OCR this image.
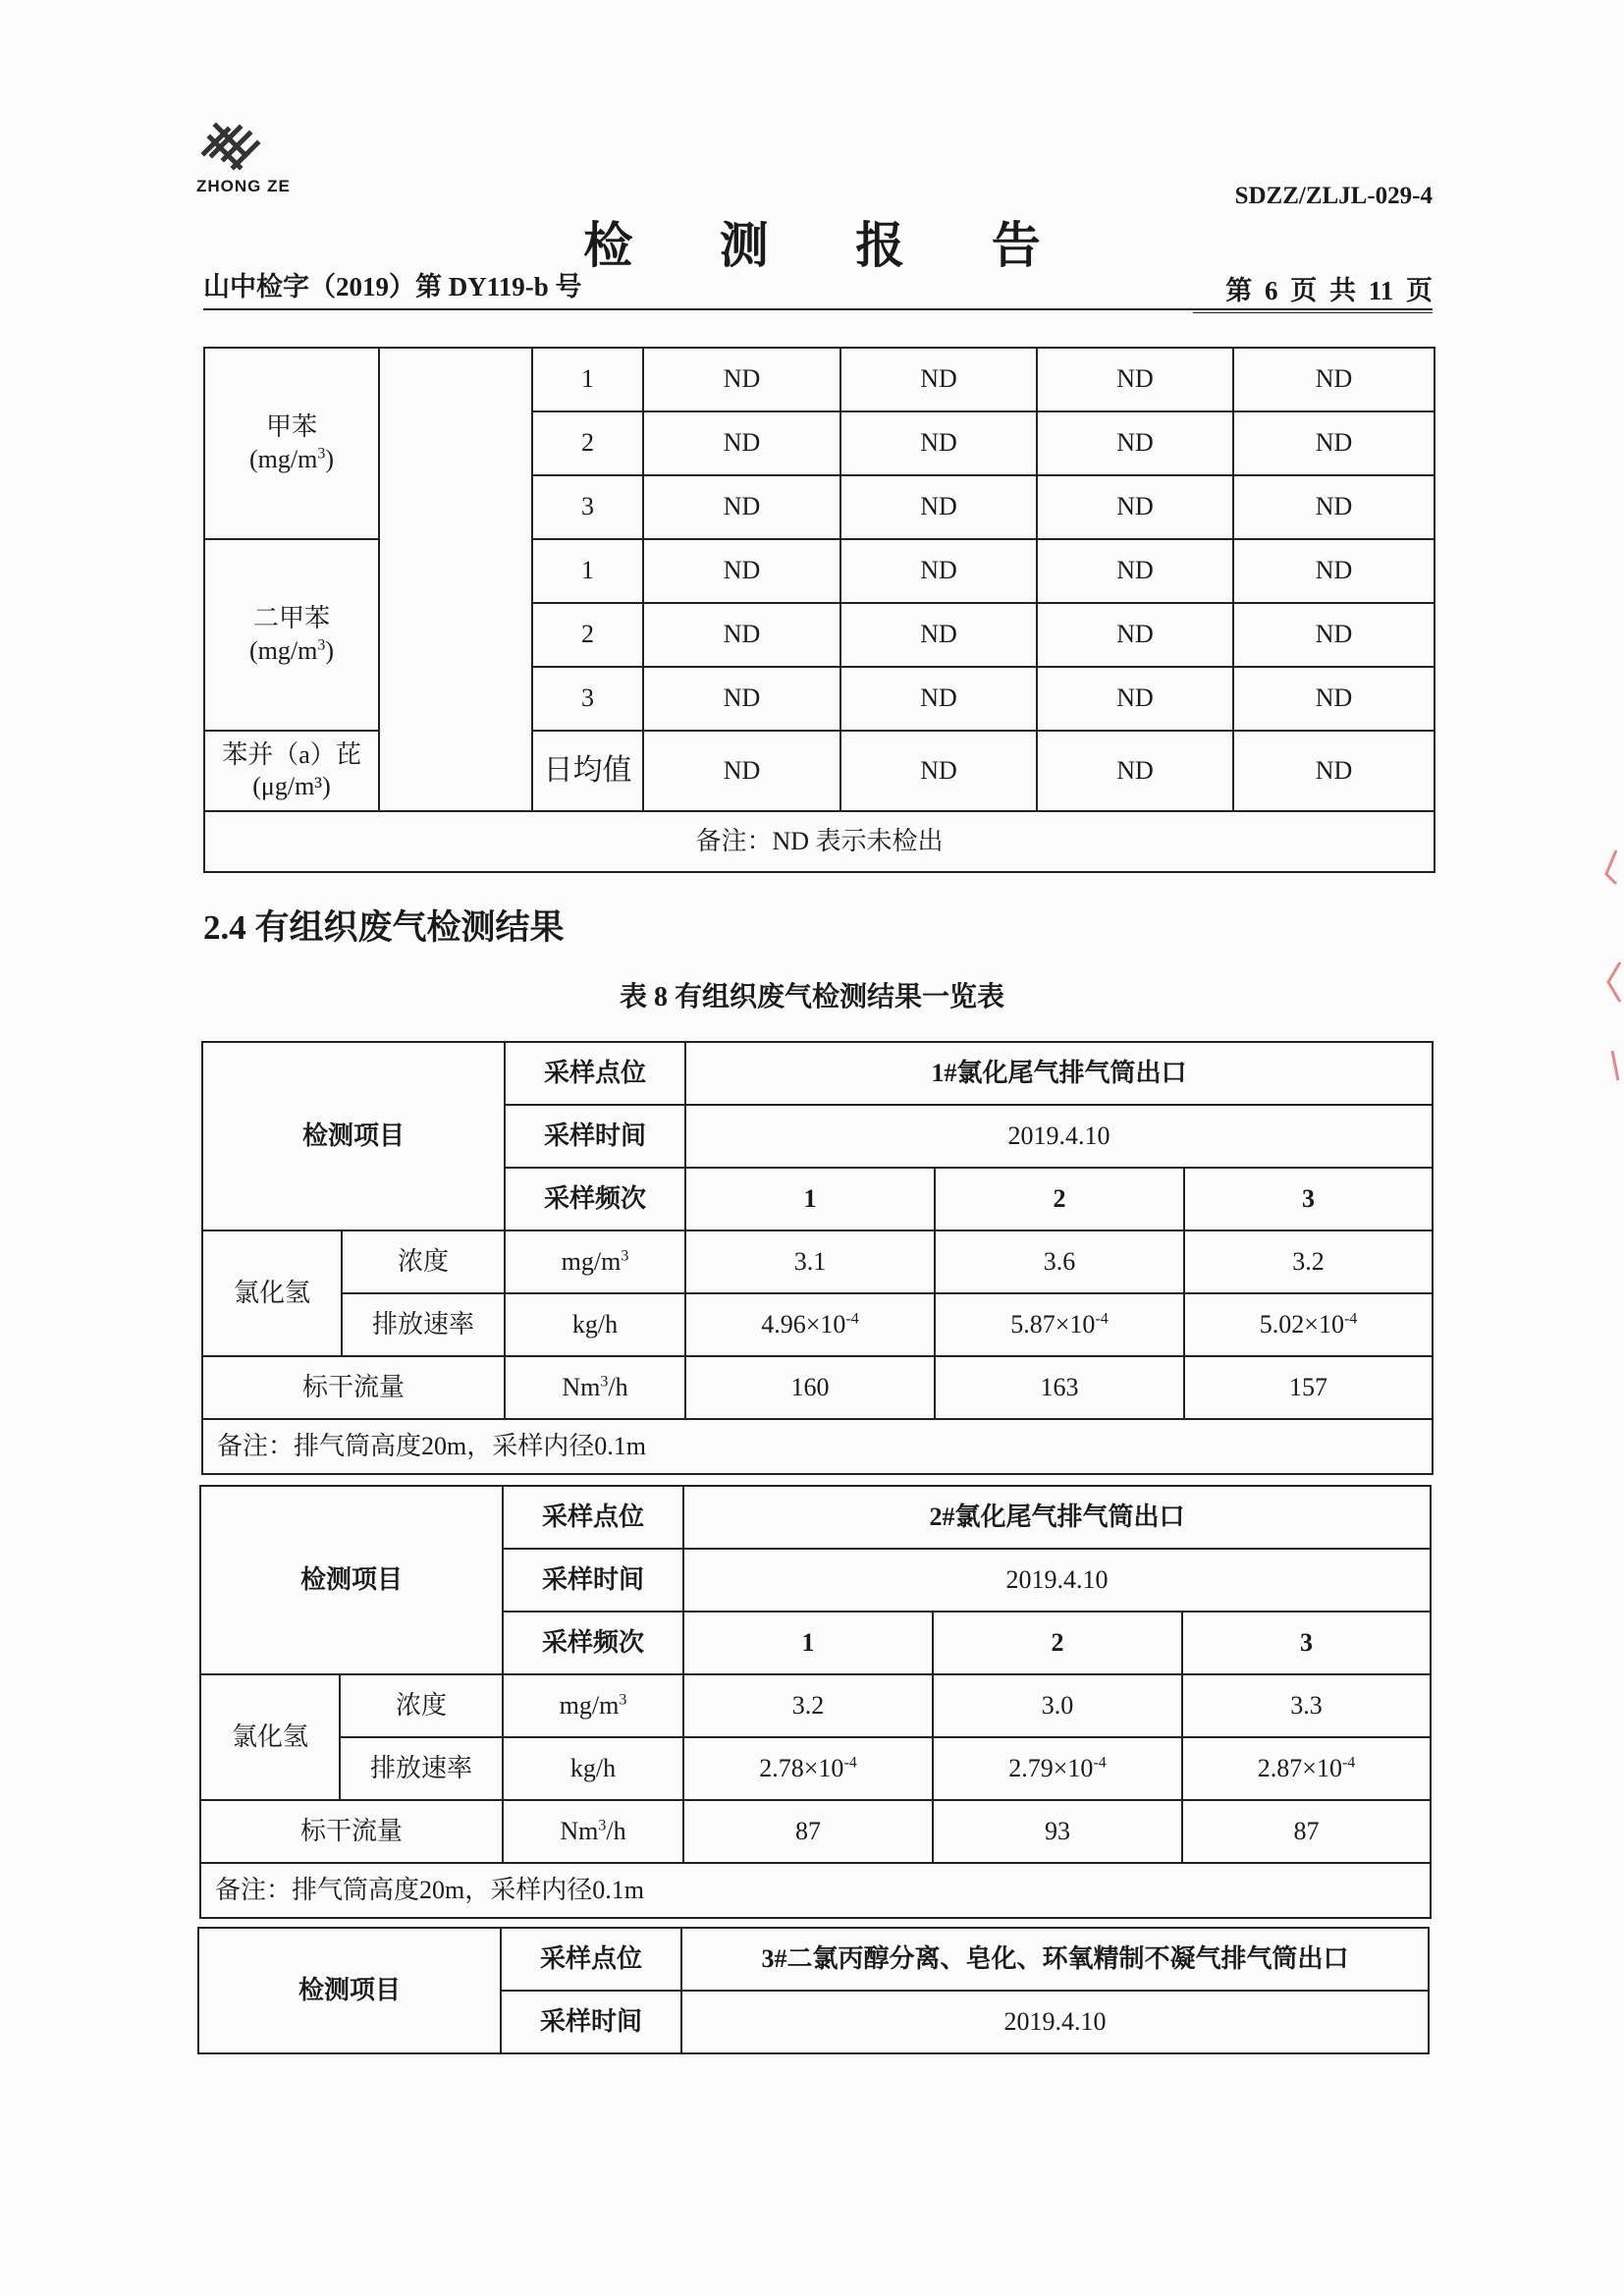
ZHONG ZE	SDZZ/ZLJL-029-4
检 测 报 告
山中检字（2019）第 DY119-b 号	第 6 页 共 11 页
甲苯
$(mg/m^3)$		1	ND	ND	ND	ND
		2	ND	ND	ND	ND
		3	ND	ND	ND	ND
二甲苯
$(mg/m^3)$		1	ND	ND	ND	ND
		2	ND	ND	ND	ND
		3	ND	ND	ND	ND
苯并（a）芘
(μg/m³)		日均值	ND	ND	ND	ND
备注：ND 表示未检出						
2.4 有组织废气检测结果
表 8 有组织废气检测结果一览表
检测项目		采样点位	1#氯化尾气排气筒出口		
		采样时间	2019.4.10		
		采样频次	1	2	3
氯化氢	浓度	$mg/m^3$	3.1	3.6	3.2
	排放速率	kg/h	$4.96\times 10^{-4}$	$5.87\times 10^{-4}$	$5.02\times 10^{-4}$
标干流量		Nm$^3$/h	160	163	157
备注：排气筒高度20m，采样内径0.1m					
检测项目		采样点位	2#氯化尾气排气筒出口		
		采样时间	2019.4.10		
		采样频次	1	2	3
氯化氢	浓度	$mg/m^3$	3.2	3.0	3.3
	排放速率	kg/h	$2.78\times 10^{-4}$	$2.79\times 10^{-4}$	$2.87\times 10^{-4}$
标干流量		Nm$^3$/h	87	93	87
备注：排气筒高度20m，采样内径0.1m					
检测项目	采样点位	3#二氯丙醇分离、皂化、环氧精制不凝气排气筒出口
	采样时间	2019.4.10
